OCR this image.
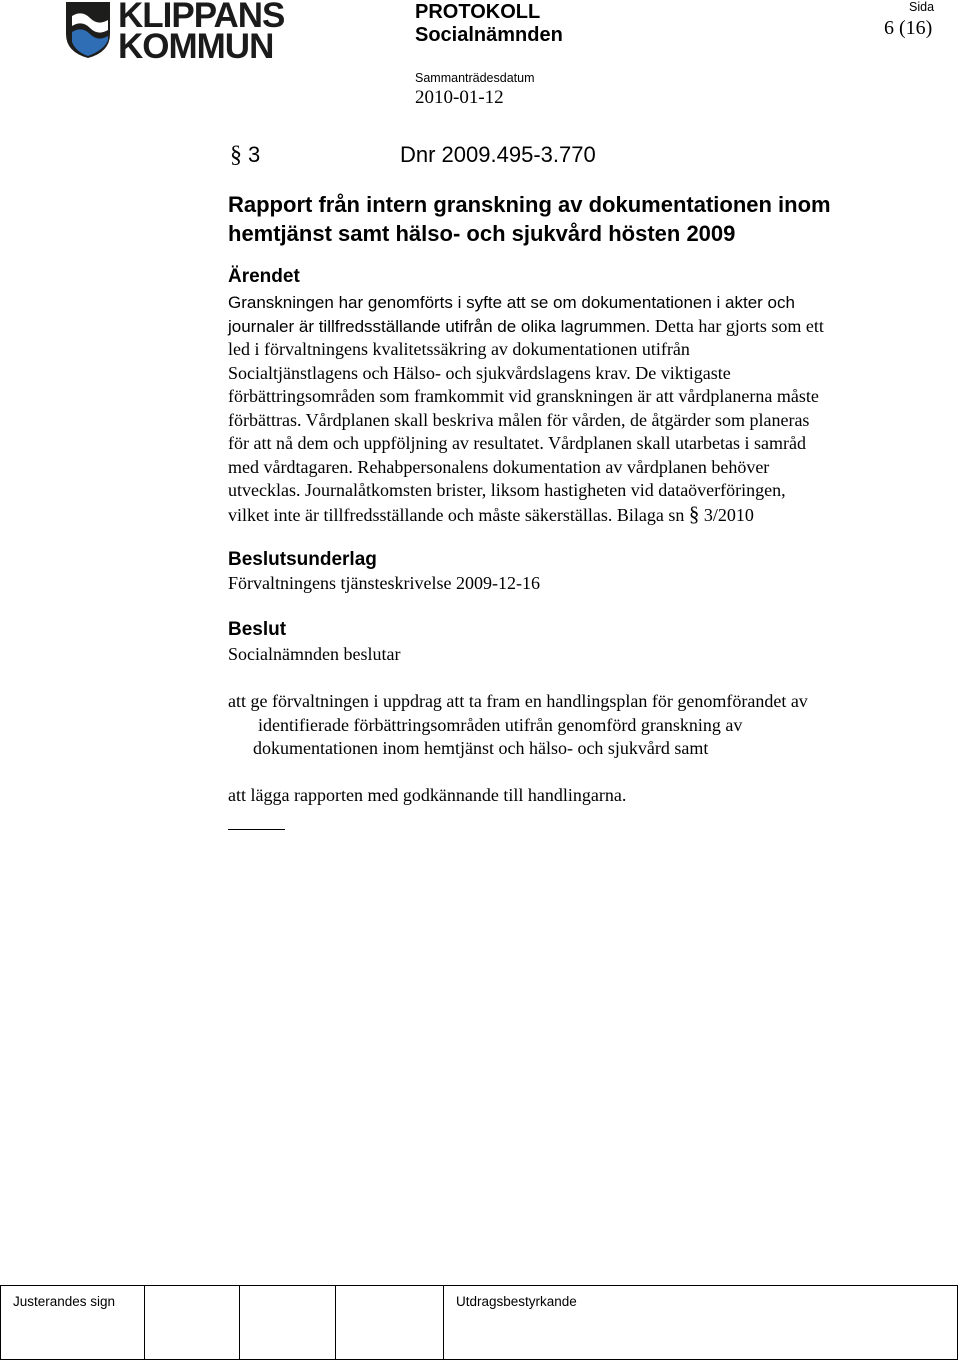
KLIPPANS
KOMMUN
PROTOKOLL
Socialnämnden
Sammanträdesdatum
2010-01-12
Sida
6 (16)
§ 3	Dnr 2009.495-3.770
Rapport från intern granskning av dokumentationen inom hemtjänst samt hälso- och sjukvård hösten 2009
Ärendet
Granskningen har genomförts i syfte att se om dokumentationen i akter och
journaler är tillfredsställande utifrån de olika lagrummen. Detta har gjorts som ett
led i förvaltningens kvalitetssäkring av dokumentationen utifrån
Socialtjänstlagens och Hälso- och sjukvårdslagens krav. De viktigaste
förbättringsområden som framkommit vid granskningen är att vårdplanerna måste
förbättras. Vårdplanen skall beskriva målen för vården, de åtgärder som planeras
för att nå dem och uppföljning av resultatet. Vårdplanen skall utarbetas i samråd
med vårdtagaren. Rehabpersonalens dokumentation av vårdplanen behöver
utvecklas. Journalåtkomsten brister, liksom hastigheten vid dataöverföringen,
vilket inte är tillfredsställande och måste säkerställas. Bilaga sn § 3/2010
Beslutsunderlag
Förvaltningens tjänsteskrivelse 2009-12-16
Beslut
Socialnämnden beslutar
att ge förvaltningen i uppdrag att ta fram en handlingsplan för genomförandet av
identifierade förbättringsområden utifrån genomförd granskning av
dokumentationen inom hemtjänst och hälso- och sjukvård samt
att lägga rapporten med godkännande till handlingarna.
Justerandes sign	Utdragsbestyrkande
